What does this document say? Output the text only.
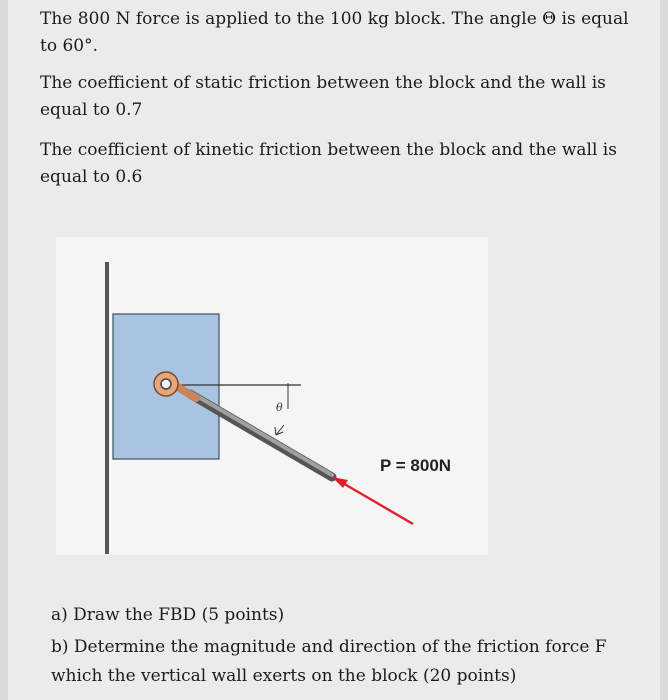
The 800 N force is applied to the 100 kg block. The angle Θ is equal to 60°.
The coefficient of static friction between the block and the wall is equal to 0.7
The coefficient of kinetic friction between the block and the wall is equal to 0.6
θ
P = 800N
a) Draw the FBD (5 points)
b) Determine the magnitude and direction of the friction force F which the vertical wall exerts on the block (20 points)
